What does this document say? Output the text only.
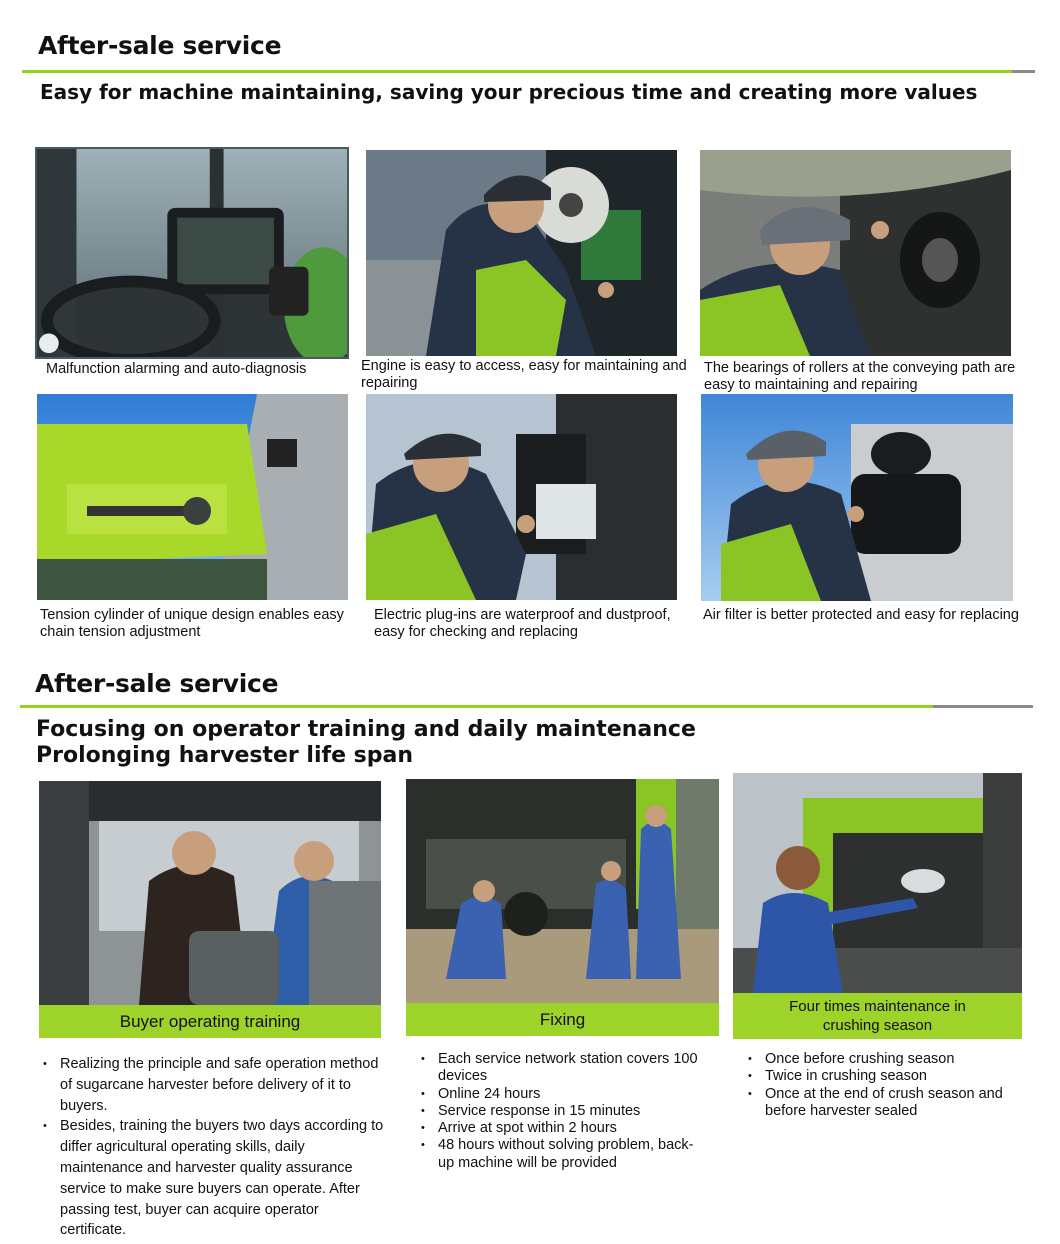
After-sale service
Easy for machine maintaining, saving your precious time and creating more values
Malfunction alarming and auto-diagnosis	Engine is easy to access, easy for maintaining and repairing
The bearings of rollers at the conveying path are easy to maintaining and repairing
Tension cylinder of unique design enables easy chain tension adjustment
Electric plug-ins are waterproof and dustproof, easy for checking and replacing
Air filter is better protected and easy for replacing
After-sale service
Focusing on operator training and daily maintenance
Prolonging harvester life span
Buyer operating training
• Realizing the principle and safe operation method of sugarcane harvester before delivery of it to buyers.
• Besides, training the buyers two days according to differ agricultural operating skills, daily maintenance and harvester quality assurance service to make sure buyers can operate. After passing test, buyer can acquire operator certificate.
Fixing
• Each service network station covers 100 devices
• Online 24 hours
• Service response in 15 minutes
• Arrive at spot within 2 hours
• 48 hours without solving problem, back-up machine will be provided
Four times maintenance in crushing season
• Once before crushing season
• Twice in crushing season
• Once at the end of crush season and before harvester sealed
